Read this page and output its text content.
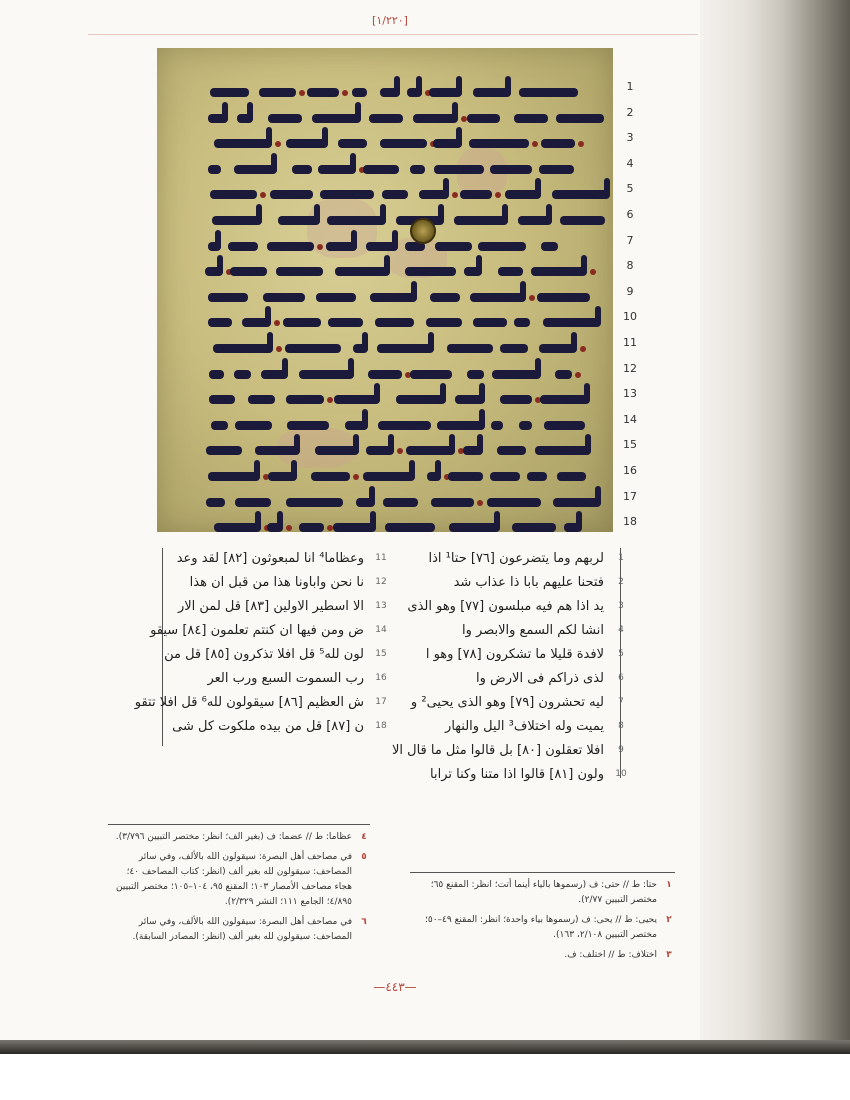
[١/٢٢٠]
1
2
3
4
5
6
7
8
9
10
11
12
13
14
15
16
17
18
1
لربهم وما يتضرعون [٧٦] حتا¹ اذا
2
فتحنا عليهم بابا ذا عذاب شد
3
يد اذا هم فيه مبلسون [٧٧] وهو الذى
4
انشا لكم السمع والابصر وا
5
لافدة قليلا ما تشكرون [٧٨] وهو ا
6
لذى ذراكم فى الارض وا
7
ليه تحشرون [٧٩] وهو الذى يحيى² و
8
يميت وله اختلاف³ اليل والنهار
9
افلا تعقلون [٨٠] بل قالوا مثل ما قال الا
10
ولون [٨١] قالوا اذا متنا وكنا ترابا
11
وعظاما⁴ انا لمبعوثون [٨٢] لقد وعد
12
نا نحن واباونا هذا من قبل ان هذا
13
الا اسطير الاولين [٨٣] قل لمن الار
14
ض ومن فيها ان كنتم تعلمون [٨٤] سيقو
15
لون لله⁵ قل افلا تذكرون [٨٥] قل من
16
رب السموت السبع ورب العر
17
ش العظيم [٨٦] سيقولون لله⁶ قل افلا تتقو
18
ن [٨٧] قل من بيده ملكوت كل شى
٤
عظاما: ط // عضما: ف (بغير الف؛ انظر: مختصر التبيين ٣/٧٩٦).
٥
في مصاحف أهل البصرة: سيقولون الله بالألف، وفي سائر المصاحف: سيقولون لله بغير ألف (انظر: كتاب المصاحف ٤٠؛ هجاء مصاحف الأمصار ١٠٣؛ المقنع ٩٥، ١٠٤–١٠٥؛ مختصر التبيين ٤/٨٩٥؛ الجامع ١١١؛ النشر ٢/٣٢٩).
٦
في مصاحف أهل البصرة: سيقولون الله بالألف، وفي سائر المصاحف: سيقولون لله بغير ألف (انظر: المصادر السابقة).
١
حتا: ط // حتى: ف (رسموها بالياء أينما أتت؛ انظر: المقنع ٦٥؛ مختصر التبيين ٢/٧٧).
٢
يحيى: ط // يحى: ف (رسموها بياء واحدة؛ انظر: المقنع ٤٩–٥٠؛ مختصر التبيين ٢/١٠٨، ١٦٣).
٣
اختلاف: ط // اختلف: ف.
—٤٤٣—
